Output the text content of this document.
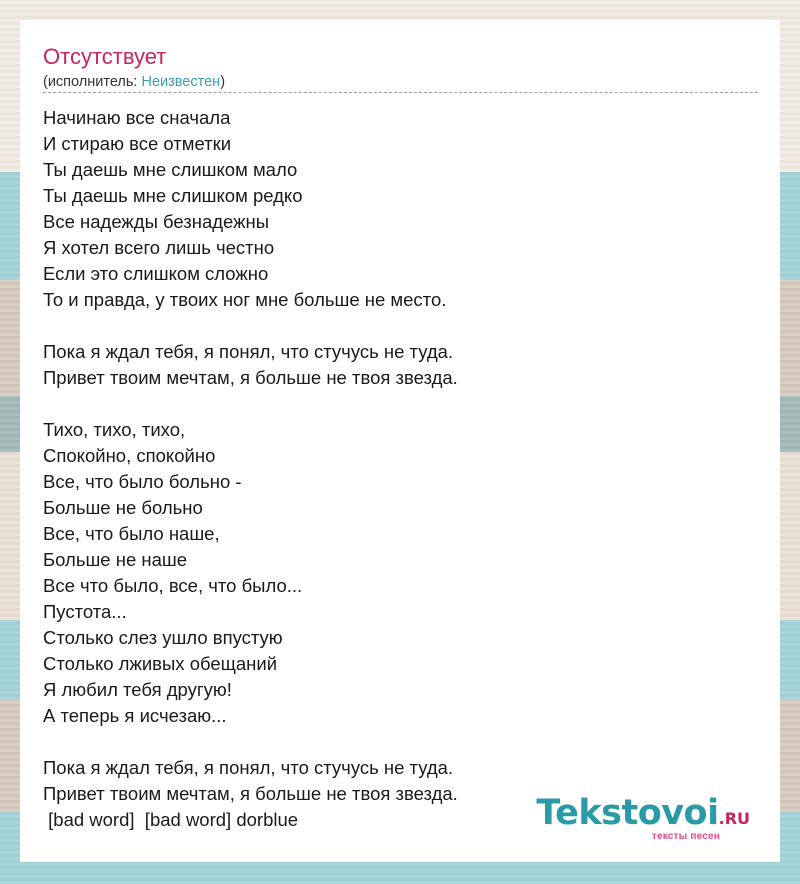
Отсутствует
(исполнитель: Неизвестен)
Начинаю все сначала
И стираю все отметки
Ты даешь мне слишком мало
Ты даешь мне слишком редко
Все надежды безнадежны
Я хотел всего лишь честно
Если это слишком сложно
То и правда, у твоих ног мне больше не место.
Пока я ждал тебя, я понял, что стучусь не туда.
Привет твоим мечтам, я больше не твоя звезда.
Тихо, тихо, тихо,
Спокойно, спокойно
Все, что было больно -
Больше не больно
Все, что было наше,
Больше не наше
Все что было, все, что было...
Пустота...
Столько слез ушло впустую
Столько лживых обещаний
Я любил тебя другую!
А теперь я исчезаю...
Пока я ждал тебя, я понял, что стучусь не туда.
Привет твоим мечтам, я больше не твоя звезда.
[bad word]  [bad word] dorblue	Tekstovoi.RU
тексты песен
